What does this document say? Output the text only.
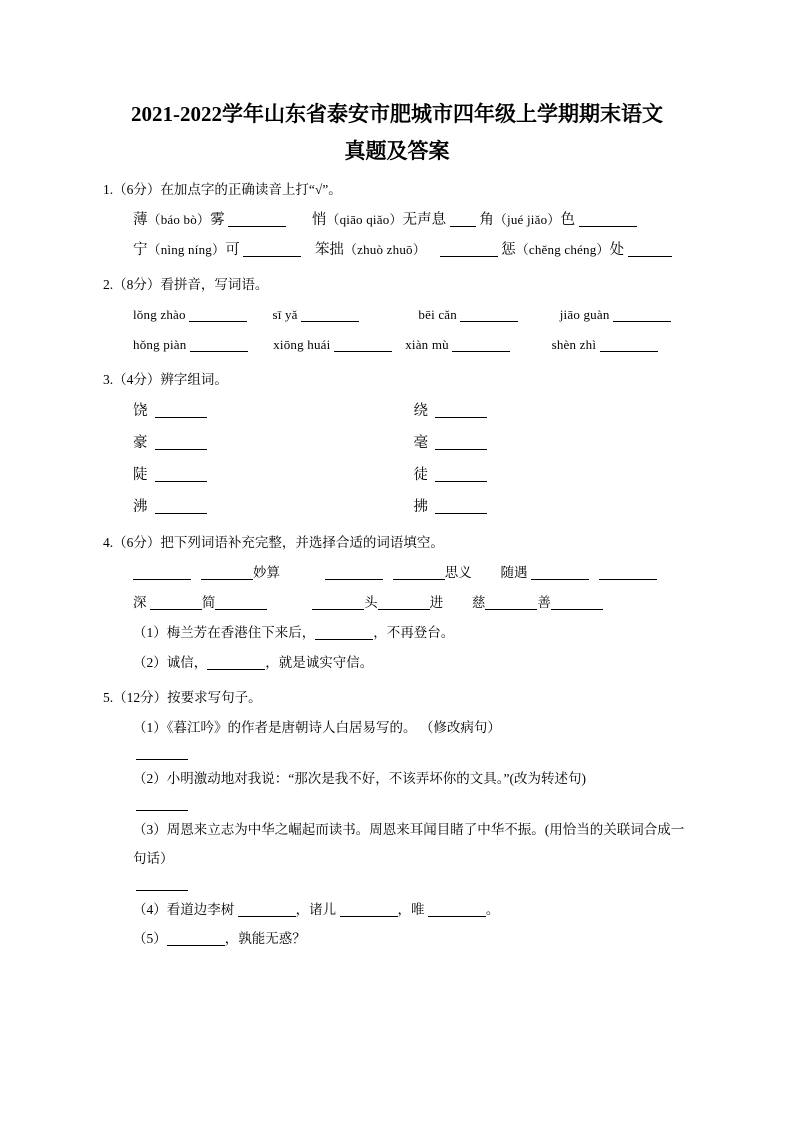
2021-2022学年山东省泰安市肥城市四年级上学期期末语文
真题及答案
1.（6分）在加点字的正确读音上打“√”。
薄（báo bò）雾	悄（qiāo qiǎo）无声息 角（jué jiǎo）色
宁（nìng níng）可	笨拙（zhuò zhuō）	惩（chěng chéng）处
2.（8分）看拼音，写词语。
lǒng zhào	sī yǎ	bēi cǎn	jiāo guàn
hǒng piàn	xiōng huái	xiàn mù	shèn zhì
3.（4分）辨字组词。
饶	绕
豪	毫
陡	徒
沸	拂
4.（6分）把下列词语补充完整，并选择合适的词语填空。
妙算	思义 随遇
深	简	头	进 慈	善
（1）梅兰芳在香港住下来后，	，不再登台。
（2）诚信，	，就是诚实守信。
5.（12分）按要求写句子。
（1）《暮江吟》的作者是唐朝诗人白居易写的。 （修改病句）
（2）小明激动地对我说：“那次是我不好，不该弄坏你的文具。”(改为转述句)
（3）周恩来立志为中华之崛起而读书。周恩来耳闻目睹了中华不振。(用恰当的关联词合成一句话）
（4）看道边李树	，诸儿	，唯	。
（5）	，孰能无惑？
